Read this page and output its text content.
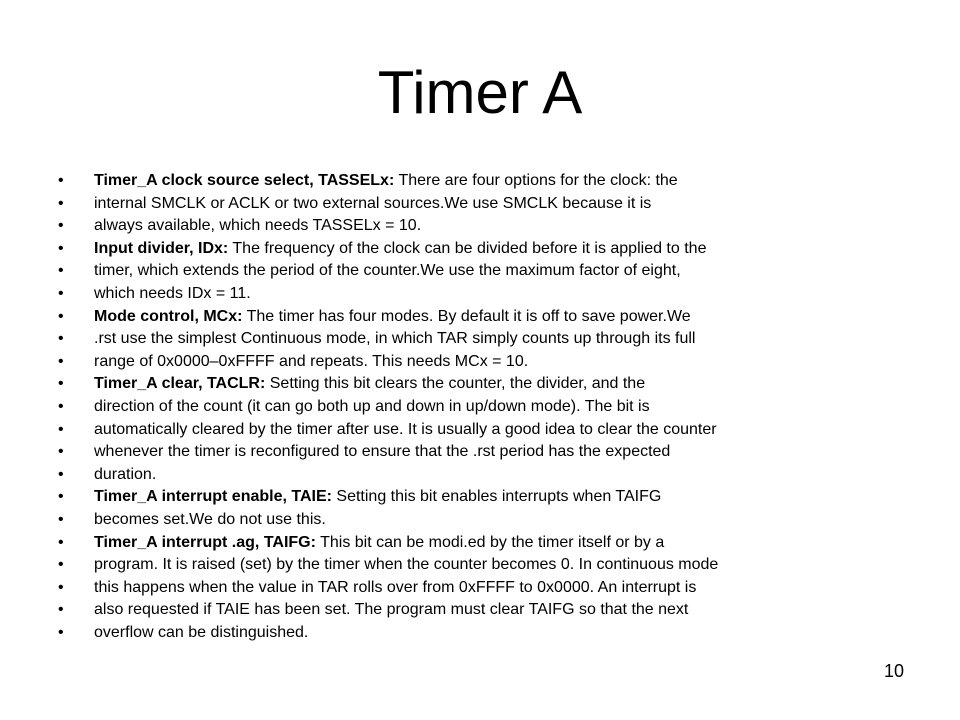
Timer A
•	Timer_A clock source select, TASSELx: There are four options for the clock: the
•	internal SMCLK or ACLK or two external sources.We use SMCLK because it is
•	always available, which needs TASSELx = 10.
•	Input divider, IDx: The frequency of the clock can be divided before it is applied to the
•	timer, which extends the period of the counter.We use the maximum factor of eight,
•	which needs IDx = 11.
•	Mode control, MCx: The timer has four modes. By default it is off to save power.We
•	.rst use the simplest Continuous mode, in which TAR simply counts up through its full
•	range of 0x0000–0xFFFF and repeats. This needs MCx = 10.
•	Timer_A clear, TACLR: Setting this bit clears the counter, the divider, and the
•	direction of the count (it can go both up and down in up/down mode). The bit is
•	automatically cleared by the timer after use. It is usually a good idea to clear the counter
•	whenever the timer is reconfigured to ensure that the .rst period has the expected
•	duration.
•	Timer_A interrupt enable, TAIE: Setting this bit enables interrupts when TAIFG
•	becomes set.We do not use this.
•	Timer_A interrupt .ag, TAIFG: This bit can be modi.ed by the timer itself or by a
•	program. It is raised (set) by the timer when the counter becomes 0. In continuous mode
•	this happens when the value in TAR rolls over from 0xFFFF to 0x0000. An interrupt is
•	also requested if TAIE has been set. The program must clear TAIFG so that the next
•	overflow can be distinguished.
10
